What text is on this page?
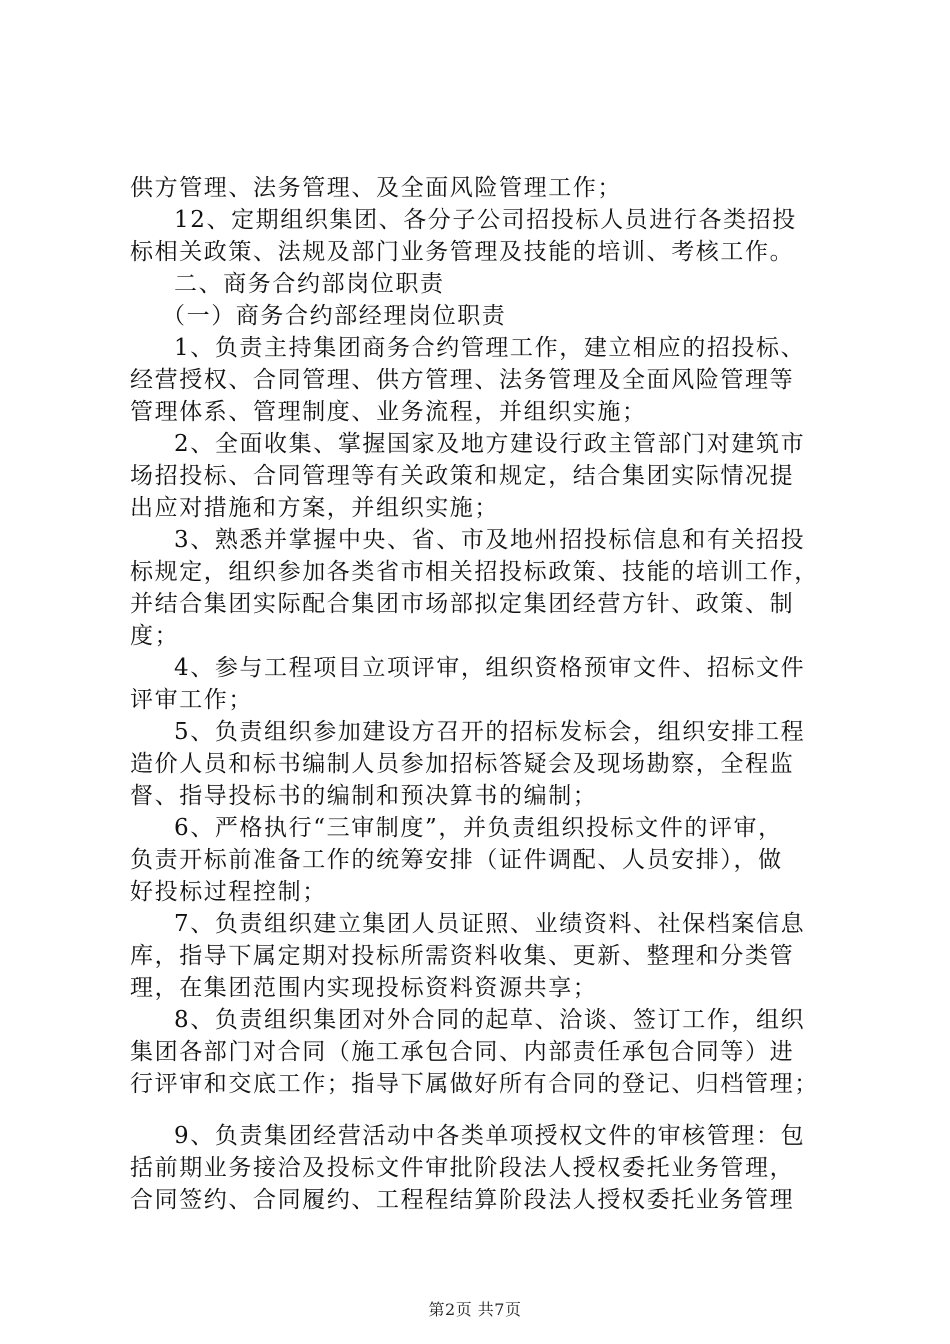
供方管理、法务管理、及全面风险管理工作；
12、定期组织集团、各分子公司招投标人员进行各类招投
标相关政策、法规及部门业务管理及技能的培训、考核工作。
二、商务合约部岗位职责
（一）商务合约部经理岗位职责
1、负责主持集团商务合约管理工作，建立相应的招投标、
经营授权、合同管理、供方管理、法务管理及全面风险管理等
管理体系、管理制度、业务流程，并组织实施；
2、全面收集、掌握国家及地方建设行政主管部门对建筑市
场招投标、合同管理等有关政策和规定，结合集团实际情况提
出应对措施和方案，并组织实施；
3、熟悉并掌握中央、省、市及地州招投标信息和有关招投
标规定，组织参加各类省市相关招投标政策、技能的培训工作，
并结合集团实际配合集团市场部拟定集团经营方针、政策、制
度；
4、参与工程项目立项评审，组织资格预审文件、招标文件
评审工作；
5、负责组织参加建设方召开的招标发标会，组织安排工程
造价人员和标书编制人员参加招标答疑会及现场勘察，全程监
督、指导投标书的编制和预决算书的编制；
6、严格执行“三审制度”，并负责组织投标文件的评审，
负责开标前准备工作的统筹安排（证件调配、人员安排），做
好投标过程控制；
7、负责组织建立集团人员证照、业绩资料、社保档案信息
库，指导下属定期对投标所需资料收集、更新、整理和分类管
理，在集团范围内实现投标资料资源共享；
8、负责组织集团对外合同的起草、洽谈、签订工作，组织
集团各部门对合同（施工承包合同、内部责任承包合同等）进
行评审和交底工作；指导下属做好所有合同的登记、归档管理；
9、负责集团经营活动中各类单项授权文件的审核管理：包
括前期业务接洽及投标文件审批阶段法人授权委托业务管理，
合同签约、合同履约、工程程结算阶段法人授权委托业务管理
第2页 共7页
